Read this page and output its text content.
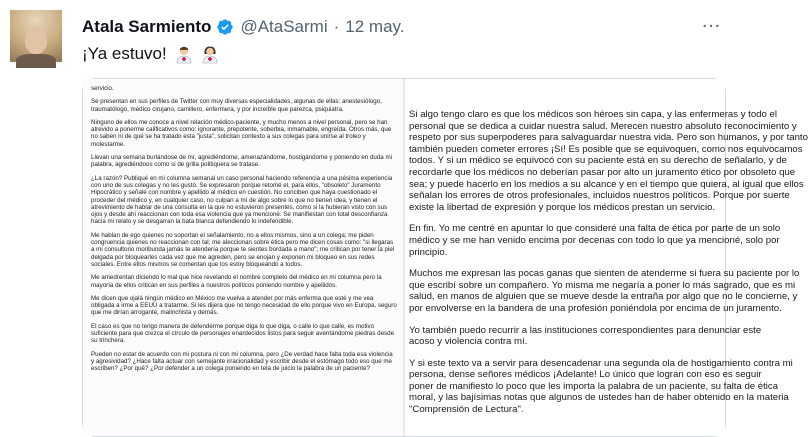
Atala Sarmiento @AtaSarmi · 12 may.	…
¡Ya estuvo!

servicio.

Se presentan en sus perfiles de Twitter con muy diversas especialidades, algunas de ellas: anestesiólogo, traumatólogo, médico cirujano, camillero, enfermera, y por increíble que parezca, psiquiatra.

Ninguno de ellos me conoce a nivel relación médico-paciente, y mucho menos a nivel personal, pero se han atrevido a ponerme calificativos como: ignorante, prepotente, soberbia, inmamable, engreída. Otros más, que no saben ni de qué se ha tratado esta "justa", solicitan contexto a sus colegas para unirse al troleo y molestarme.

Llevan una semana burlándose de mí, agrediéndome, amenazándome, hostigándome y poniendo en duda mi palabra, agrediéndoos como si de grilla politiquera se tratase.

¿La razón? Publiqué en mi columna semanal un caso personal haciendo referencia a una pésima experiencia con uno de sus colegas y no les gustó. Se expresaron porque retomé el, para ellos, "obsoleto" Juramento Hipocrático y señalé con nombre y apellido al médico en cuestión. No conciben que haya cuestionado el proceder del médico y, en cualquier caso, no culpan a mí de algo sobre lo que no tienen idea, y tienen el atrevimiento de hablar de una consulta en la que no estuvieron presentes, como si la hubieran visto con sus ojos y desde ahí reaccionan con toda esa violencia que ya mencioné. Se manifiestan con total desconfianza hacia mi relato y se desgarran la bata blanca defendiendo lo indefendible.

Me hablan de ego quienes no soportan el señalamiento, no a ellos mismos, sino a un colega; me piden congruencia quienes no reaccionan con tal; me aleccionan sobre ética pero me dicen cosas como: "si llegaras a mi consultorio moribunda jamás te atendería porque te sientes bordada a mano"; me critican por tener la piel delgada por bloquearles cada vez que me agreden, pero se enojan y exponen mi bloqueo en sus redes sociales. Entre ellos mismos se comentan que los estoy bloqueando a todos.

Me amedrentan diciendo lo mal que hice revelando el nombre completo del médico en mi columna pero la mayoría de ellos critican en sus perfiles a nuestros políticos poniendo nombre y apellidos.

Me dicen que ojalá ningún médico en México me vuelva a atender por más enferma que esté y me vea obligada a irme a EEUU a tratarme. Si les dijera que no tengo necesidad de ello porque vivo en Europa, seguro que me dirían arrogante, malinchista y demás.

El caso es que no tengo manera de defenderme porque diga lo que diga, o calle lo que calle, es motivo suficiente para que crezca el círculo de personajes enardecidos listos para seguir aventándome piedras desde su trinchera.

Pueden no estar de acuerdo con mi postura ni con mi columna, pero ¿De verdad hace falta toda esa violencia y agresividad? ¿Hace falta actuar con semejante irracionalidad y escribir desde el estómago todo eso que me escriben? ¿Por qué? ¿Por defender a un colega poniendo en tela de juicio la palabra de un paciente?

Si algo tengo claro es que los médicos son héroes sin capa, y las enfermeras y todo el
personal que se dedica a cuidar nuestra salud. Merecen nuestro absoluto reconocimiento y
respeto por sus superpoderes para salvaguardar nuestra vida. Pero son humanos, y por tanto
también pueden cometer errores ¡Sí! Es posible que se equivoquen, como nos equivocamos
todos. Y si un médico se equivocó con su paciente está en su derecho de señalarlo, y de
recordarle que los médicos no deberían pasar por alto un juramento ético por obsoleto que
sea; y puede hacerlo en los medios a su alcance y en el tiempo que quiera, al igual que ellos
señalan los errores de otros profesionales, incluidos nuestros políticos. Porque por suerte
existe la libertad de expresión y porque los médicos prestan un servicio.

En fin. Yo me centré en apuntar lo que consideré una falta de ética por parte de un solo
médico y se me han venido encima por decenas con todo lo que ya mencioné, solo por
principio.

Muchos me expresan las pocas ganas que sienten de atenderme si fuera su paciente por lo
que escribí sobre un compañero. Yo misma me negaría a poner lo más sagrado, que es mi
salud, en manos de alguien que se mueve desde la entraña por algo que no le concierne, y
por envolverse en la bandera de una profesión poniéndola por encima de un juramento.

Yo también puedo recurrir a las instituciones correspondientes para denunciar este
acoso y violencia contra mí.

Y si este texto va a servir para desencadenar una segunda ola de hostigamiento contra mi
persona, dense señores médicos ¡Adelante! Lo único que logran con eso es seguir
poner de manifiesto lo poco que les importa la palabra de un paciente, su falta de ética
moral, y las bajísimas notas que algunos de ustedes han de haber obtenido en la materia
"Comprensión de Lectura".
